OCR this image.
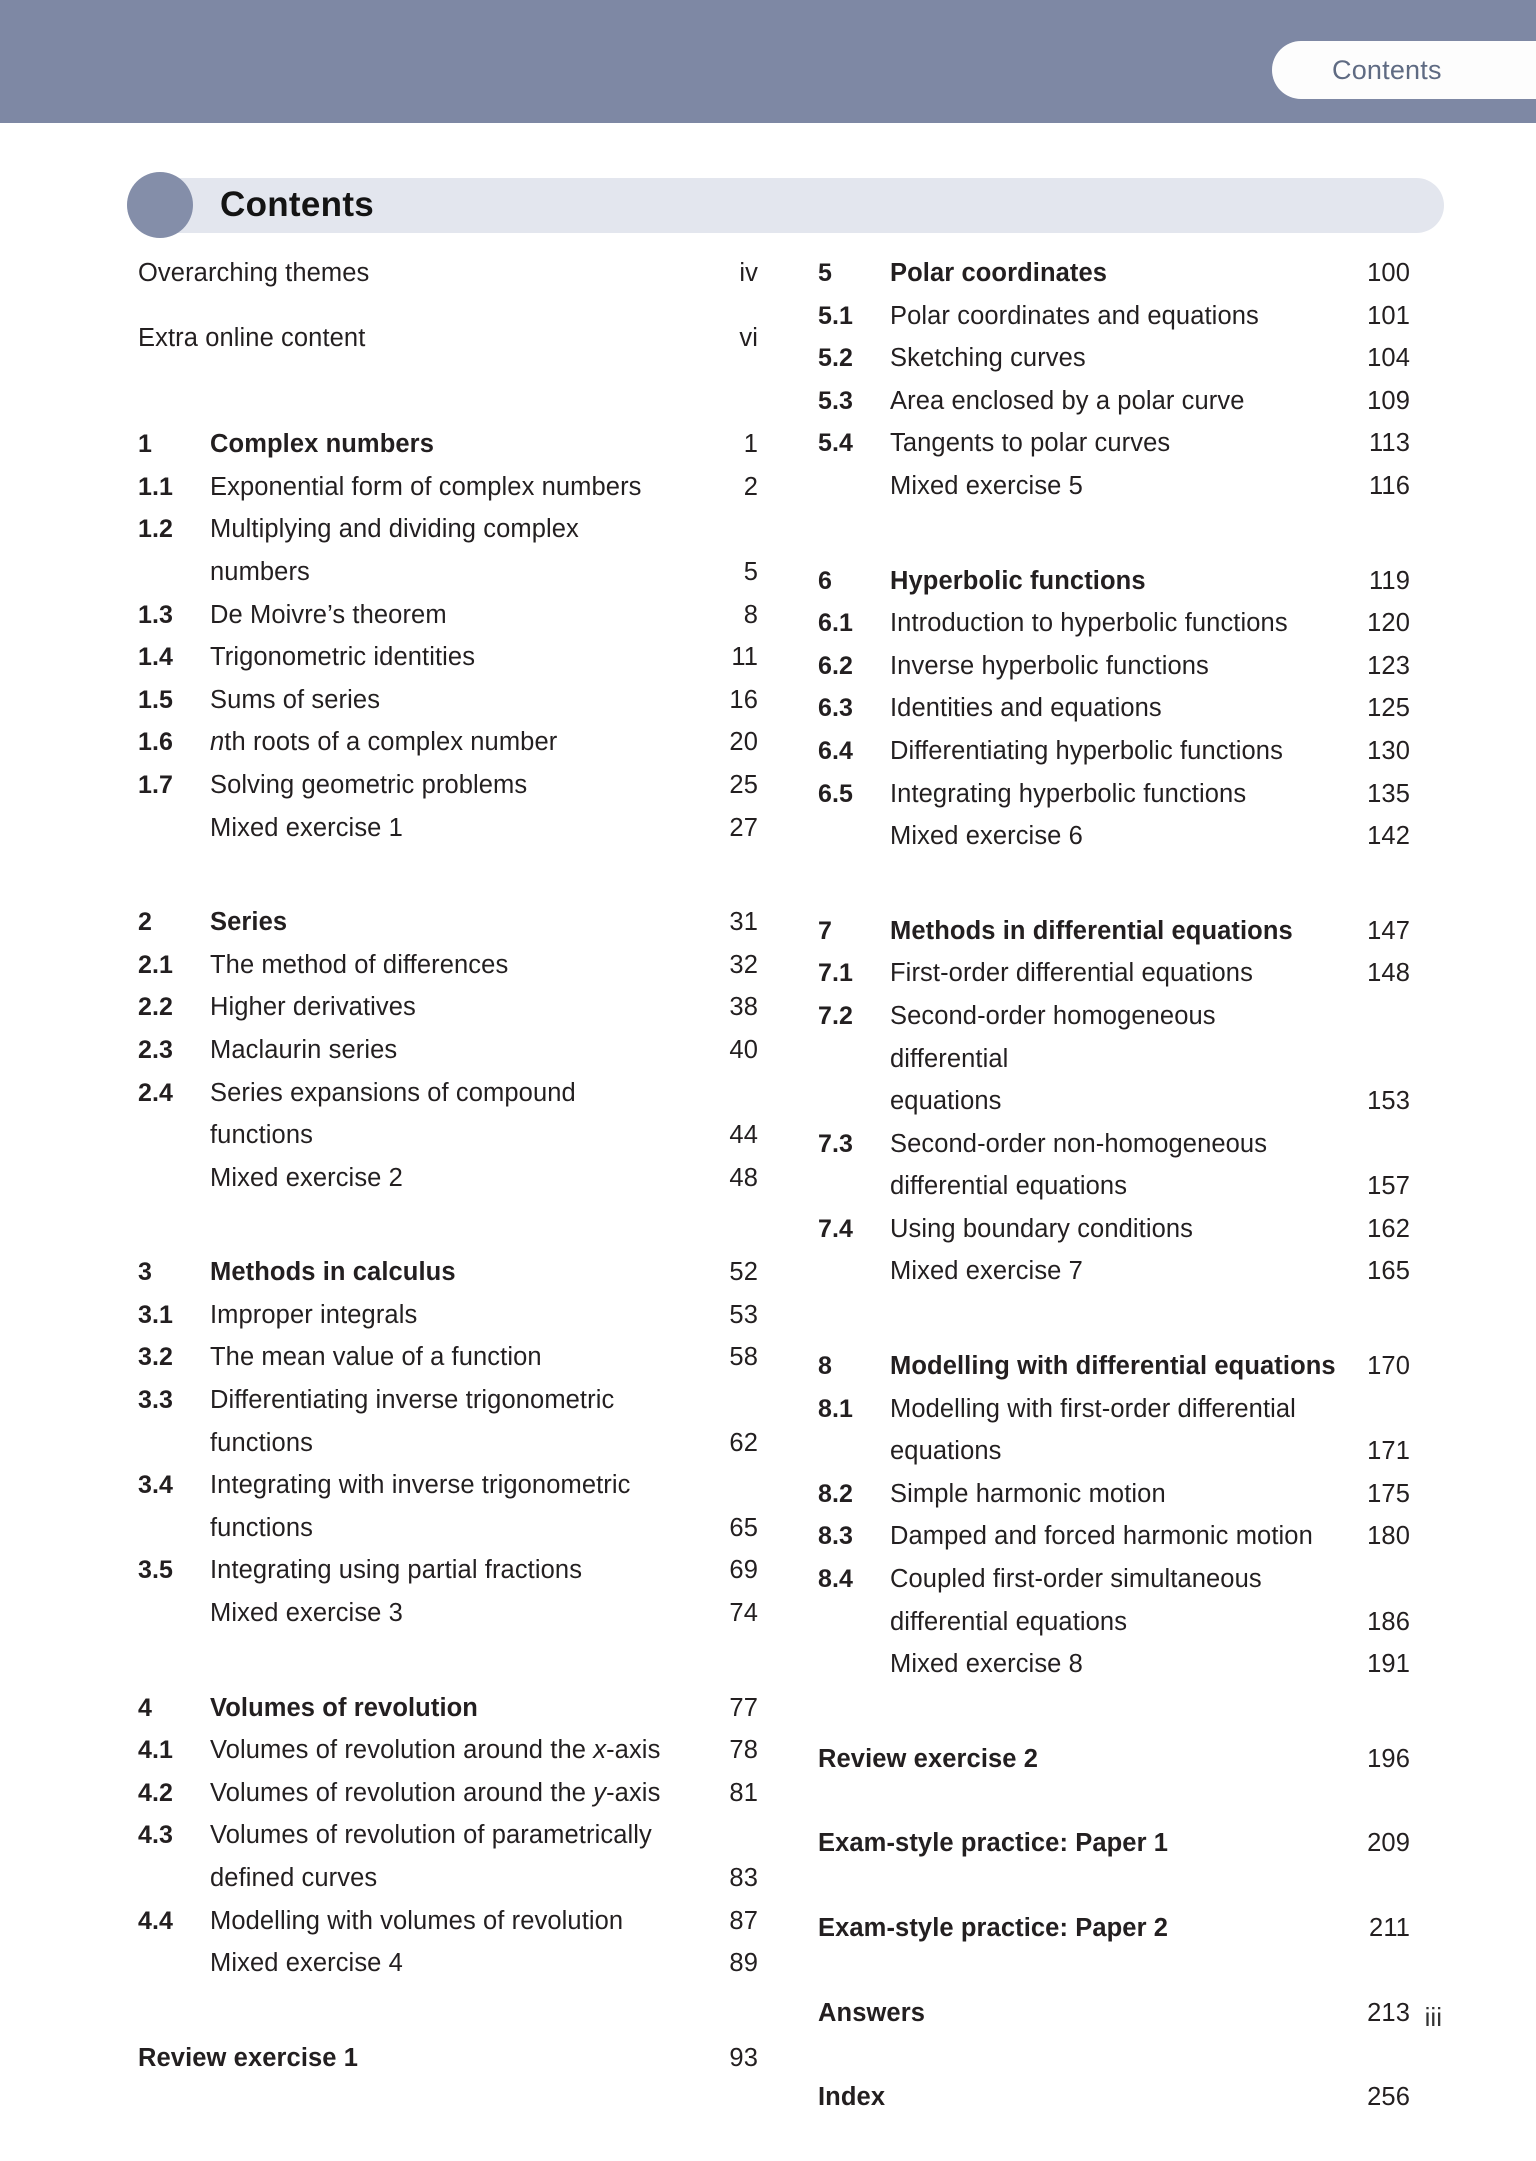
Contents
Contents
Overarching themes	iv
Extra online content	vi
1	Complex numbers	1
1.1	Exponential form of complex numbers	2
1.2	Multiplying and dividing complex
numbers	5
1.3	De Moivre’s theorem	8
1.4	Trigonometric identities	11
1.5	Sums of series	16
1.6	nth roots of a complex number	20
1.7	Solving geometric problems	25
Mixed exercise 1	27
2	Series	31
2.1	The method of differences	32
2.2	Higher derivatives	38
2.3	Maclaurin series	40
2.4	Series expansions of compound
functions	44
Mixed exercise 2	48
3	Methods in calculus	52
3.1	Improper integrals	53
3.2	The mean value of a function	58
3.3	Differentiating inverse trigonometric
functions	62
3.4	Integrating with inverse trigonometric
functions	65
3.5	Integrating using partial fractions	69
Mixed exercise 3	74
4	Volumes of revolution	77
4.1	Volumes of revolution around the x-axis	78
4.2	Volumes of revolution around the y-axis	81
4.3	Volumes of revolution of parametrically
defined curves	83
4.4	Modelling with volumes of revolution	87
Mixed exercise 4	89
Review exercise 1	93
5	Polar coordinates	100
5.1	Polar coordinates and equations	101
5.2	Sketching curves	104
5.3	Area enclosed by a polar curve	109
5.4	Tangents to polar curves	113
Mixed exercise 5	116
6	Hyperbolic functions	119
6.1	Introduction to hyperbolic functions	120
6.2	Inverse hyperbolic functions	123
6.3	Identities and equations	125
6.4	Differentiating hyperbolic functions	130
6.5	Integrating hyperbolic functions	135
Mixed exercise 6	142
7	Methods in differential equations	147
7.1	First-order differential equations	148
7.2	Second-order homogeneous differential
equations	153
7.3	Second-order non-homogeneous
differential equations	157
7.4	Using boundary conditions	162
Mixed exercise 7	165
8	Modelling with differential equations	170
8.1	Modelling with first-order differential
equations	171
8.2	Simple harmonic motion	175
8.3	Damped and forced harmonic motion	180
8.4	Coupled first-order simultaneous
differential equations	186
Mixed exercise 8	191
Review exercise 2	196
Exam-style practice: Paper 1	209
Exam-style practice: Paper 2	211
Answers	213
Index	256
iii
